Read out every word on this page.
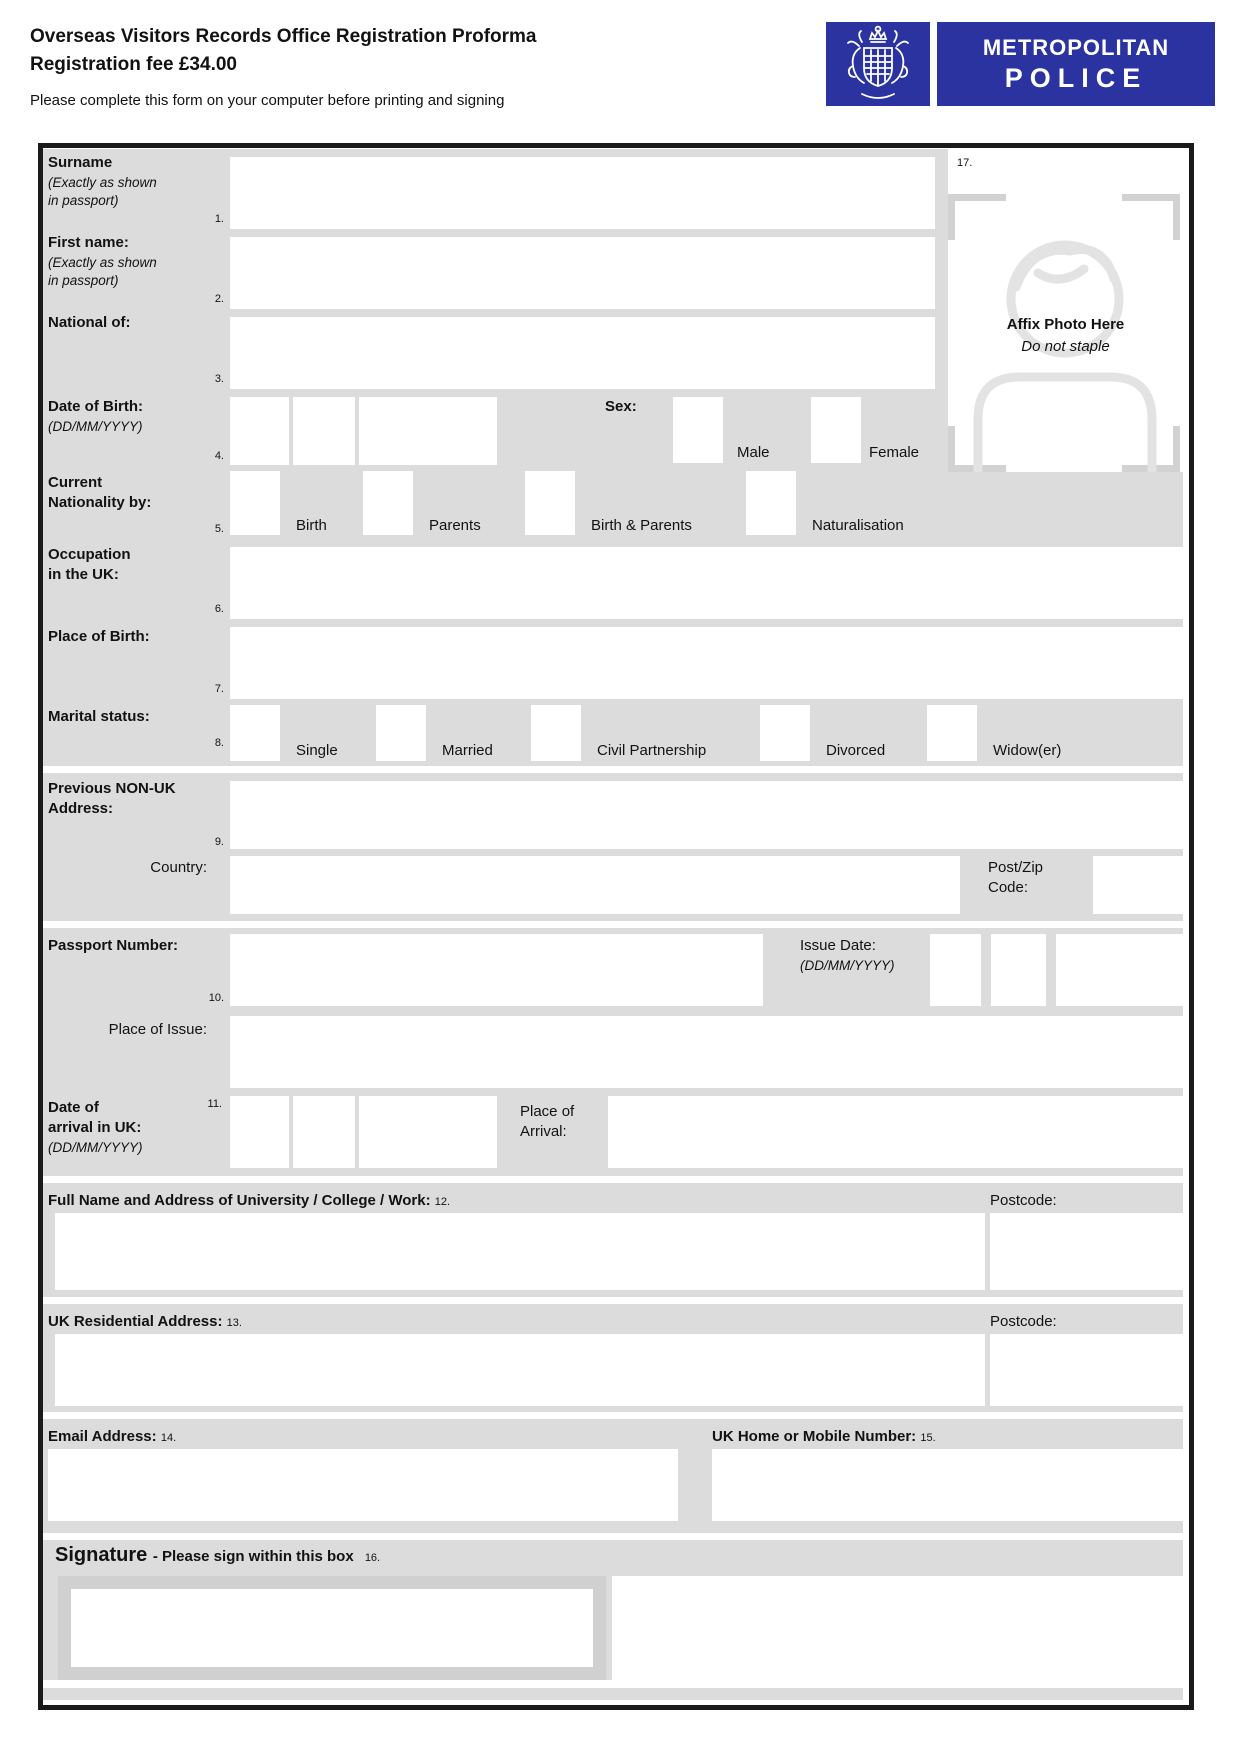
Overseas Visitors Records Office Registration Proforma
Registration fee £34.00
Please complete this form on your computer before printing and signing
METROPOLITAN
POLICE
Surname
(Exactly as shown
in passport)
1.
First name:
(Exactly as shown
in passport)
2.
National of:
3.
Date of Birth:
(DD/MM/YYYY)
4.
Sex:
Male	Female
Current
Nationality by:
5.	Birth	Parents	Birth & Parents	Naturalisation
Occupation
in the UK:
6.
Place of Birth:
7.
Marital status:
8.	Single	Married	Civil Partnership	Divorced	Widow(er)
17.
Affix Photo Here
Do not staple
Previous NON-UK
Address:
9.
Country:	Post/Zip
Code:
Passport Number:
10.
Issue Date:
(DD/MM/YYYY)
Place of Issue:
11.
Date of
arrival in UK:
(DD/MM/YYYY)
Place of
Arrival:
Full Name and Address of University / College / Work: 12.	Postcode:
UK Residential Address: 13.	Postcode:
Email Address: 14.	UK Home or Mobile Number: 15.
Signature - Please sign within this box 16.
